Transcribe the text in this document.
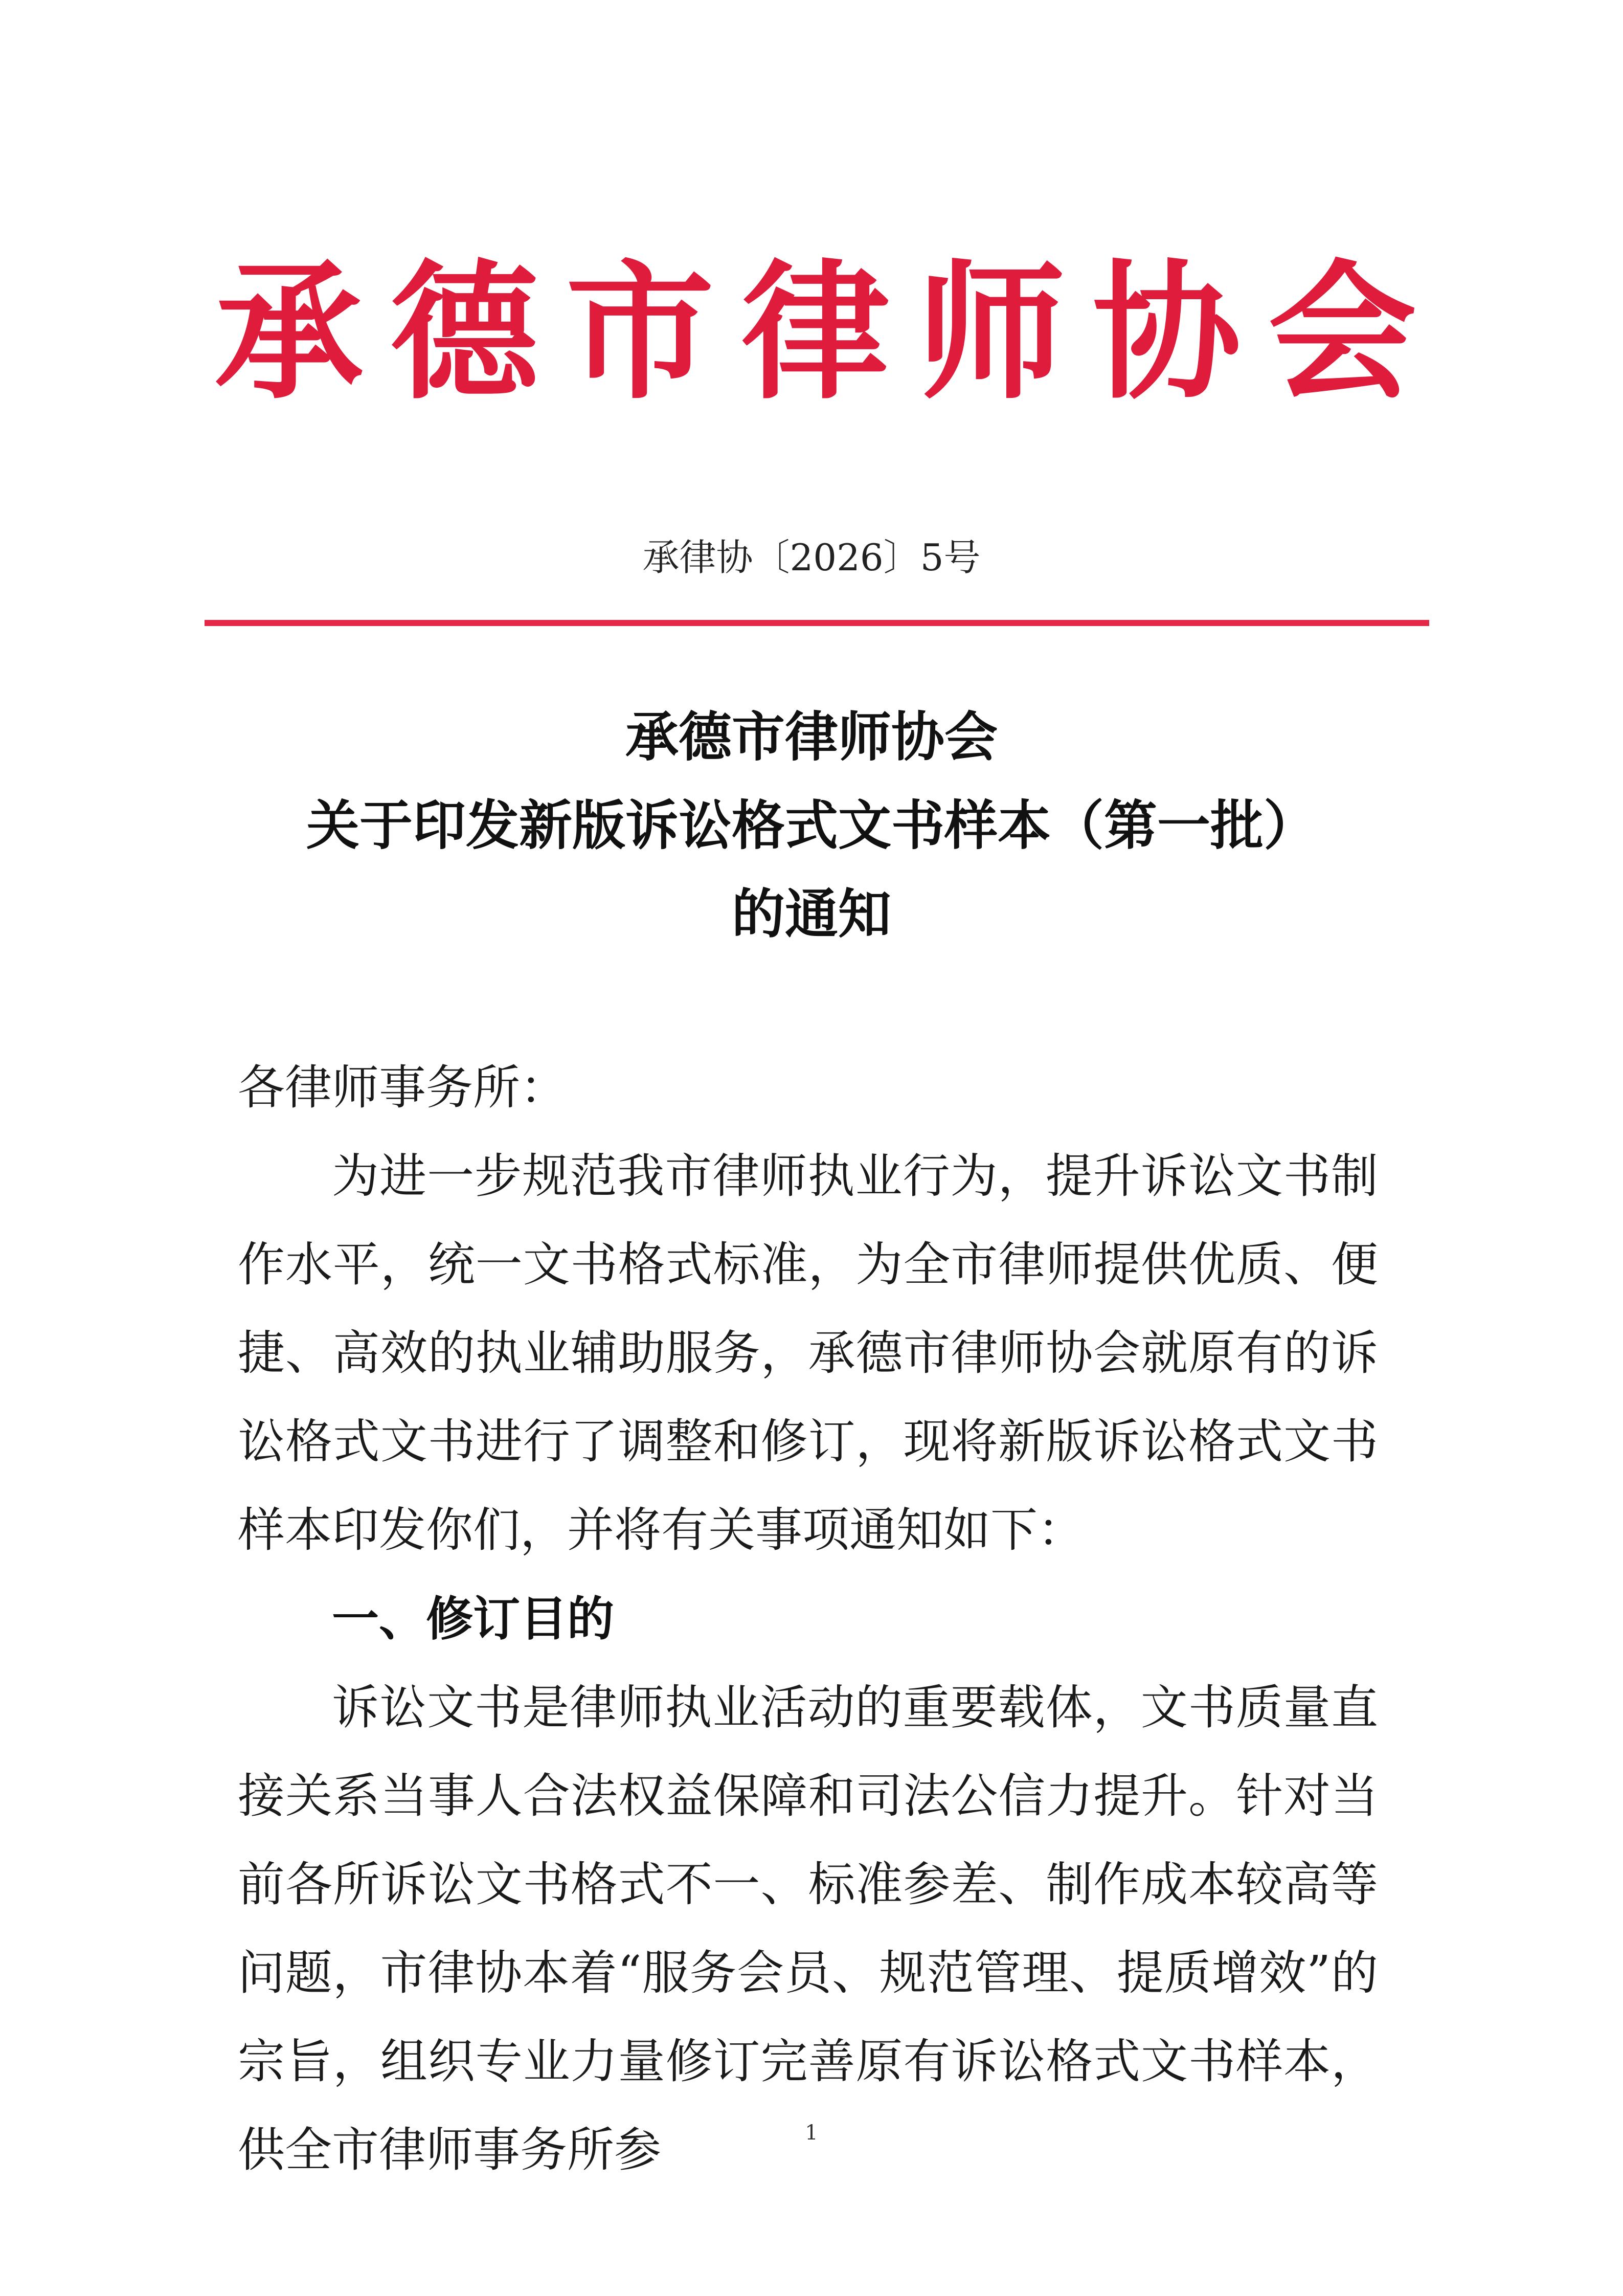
承 德 市 律 师 协 会
承律协〔2026〕5号
承德市律师协会
关于印发新版诉讼格式文书样本（第一批）
的通知

各律师事务所：

为进一步规范我市律师执业行为，提升诉讼文书制作水平，统一文书格式标准，为全市律师提供优质、便捷、高效的执业辅助服务，承德市律师协会就原有的诉讼格式文书进行了调整和修订，现将新版诉讼格式文书样本印发你们，并将有关事项通知如下：

一、修订目的

诉讼文书是律师执业活动的重要载体，文书质量直接关系当事人合法权益保障和司法公信力提升。针对当前各所诉讼文书格式不一、标准参差、制作成本较高等问题，市律协本着“服务会员、规范管理、提质增效”的宗旨，组织专业力量修订完善原有诉讼格式文书样本，供全市律师事务所参	1
